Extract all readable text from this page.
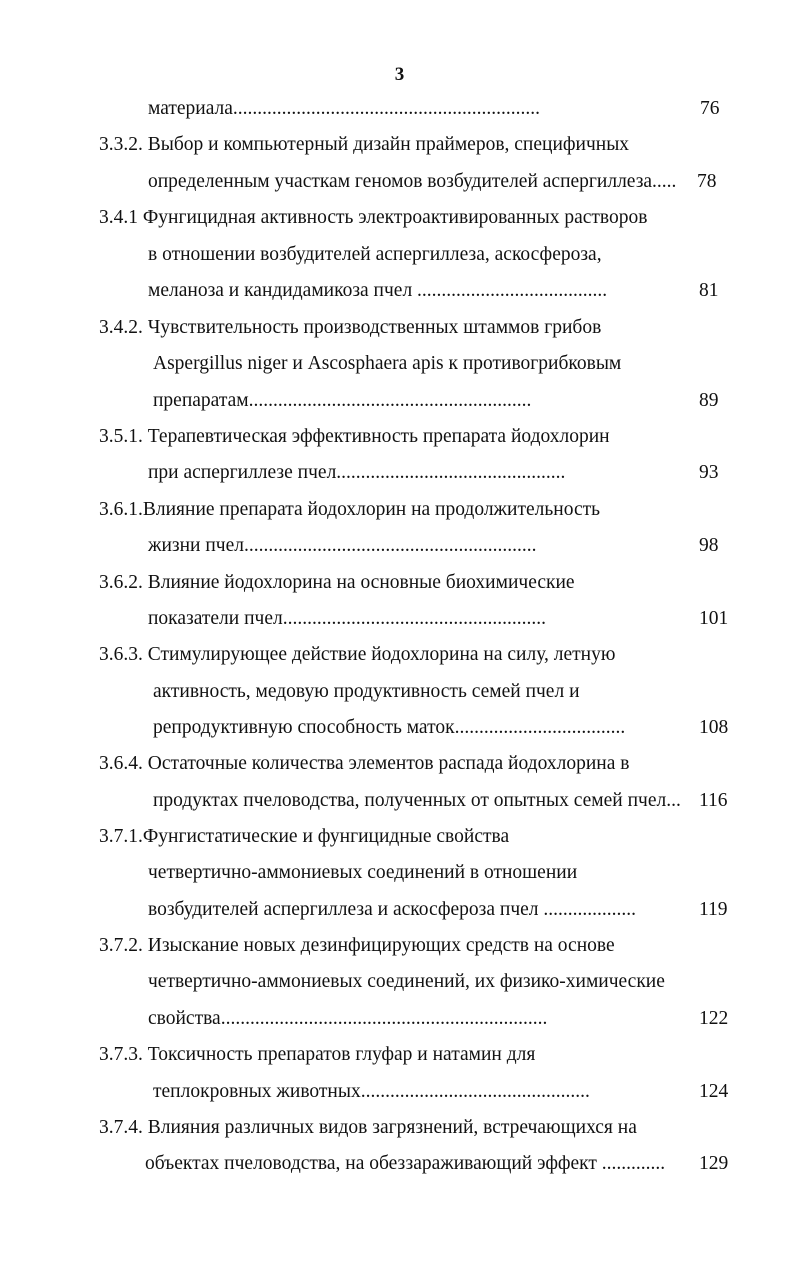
3
материала...............................................................
3.3.2. Выбор и компьютерный дизайн праймеров, специфичных
определенным участкам геномов возбудителей аспергиллеза.....
3.4.1 Фунгицидная активность электроактивированных растворов
в отношении возбудителей аспергиллеза, аскосфероза,
меланоза и кандидамикоза пчел .......................................
3.4.2. Чувствительность производственных штаммов грибов
Aspergillus niger и Ascosphaera apis к противогрибковым
препаратам..........................................................
3.5.1. Терапевтическая эффективность препарата йодохлорин
при аспергиллезе пчел...............................................
3.6.1.Влияние препарата йодохлорин на продолжительность
жизни пчел............................................................
3.6.2. Влияние йодохлорина на основные биохимические
показатели пчел......................................................
3.6.3. Стимулирующее действие йодохлорина на силу, летную
активность, медовую продуктивность семей пчел и
репродуктивную способность маток...................................
3.6.4. Остаточные количества элементов распада йодохлорина в
продуктах пчеловодства, полученных от опытных семей пчел...
3.7.1.Фунгистатические и фунгицидные свойства
четвертично-аммониевых соединений в отношении
возбудителей аспергиллеза и аскосфероза пчел ...................
3.7.2. Изыскание новых дезинфицирующих средств на основе
четвертично-аммониевых соединений, их физико-химические
свойства...................................................................
3.7.3. Токсичность препаратов глуфар и натамин для
теплокровных животных...............................................
3.7.4. Влияния различных видов загрязнений, встречающихся на
объектах пчеловодства, на обеззараживающий эффект .............
76
78
81
89
93
98
101
108
116
119
122
124
129
